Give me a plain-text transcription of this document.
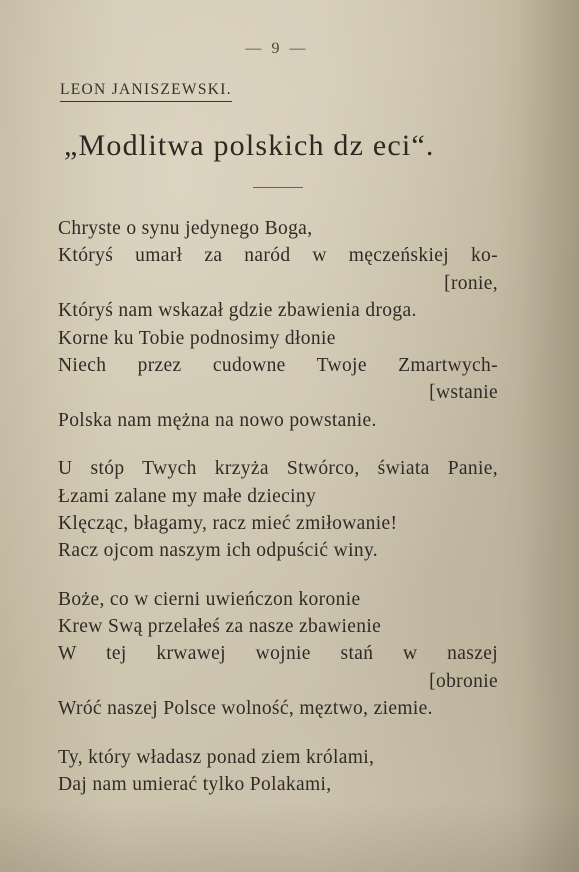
— 9 —
LEON JANISZEWSKI.
„Modlitwa polskich dz eci“.
Chryste o synu jedynego Boga,
Któryś umarł za naród w męczeńskiej ko-
[ronie,
Któryś nam wskazał gdzie zbawienia droga.
Korne ku Tobie podnosimy dłonie
Niech przez cudowne Twoje Zmartwych-
[wstanie
Polska nam mężna na nowo powstanie.
U stóp Twych krzyża Stwórco, świata Panie,
Łzami zalane my małe dzieciny
Klęcząc, błagamy, racz mieć zmiłowanie!
Racz ojcom naszym ich odpuścić winy.
Boże, co w cierni uwieńczon koronie
Krew Swą przelałeś za nasze zbawienie
W tej krwawej wojnie stań w naszej
[obronie
Wróć naszej Polsce wolność, męztwo, ziemie.
Ty, który władasz ponad ziem królami,
Daj nam umierać tylko Polakami,
